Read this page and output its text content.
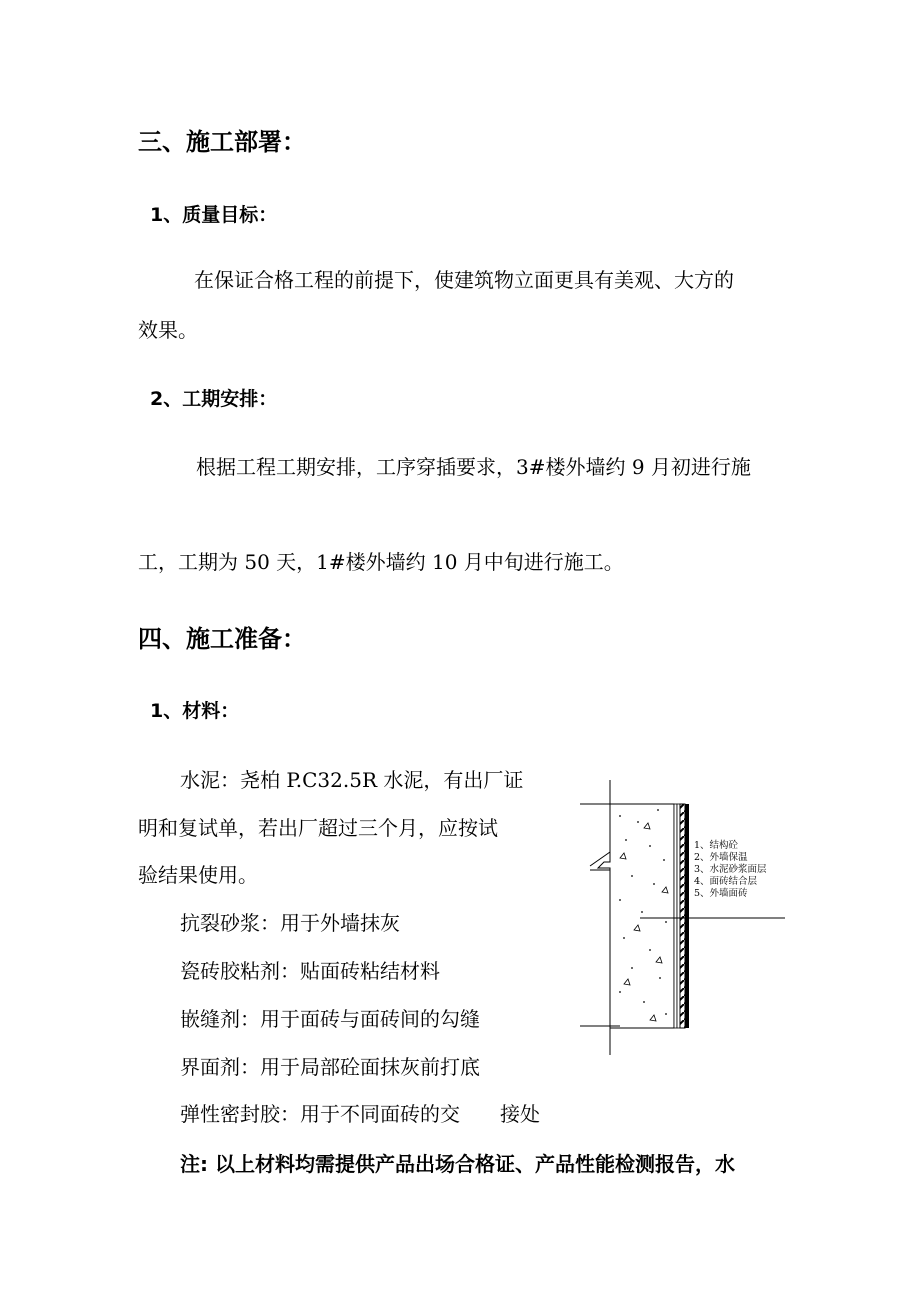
三、施工部署：
1、质量目标：
在保证合格工程的前提下，使建筑物立面更具有美观、大方的
效果。
2、工期安排：
根据工程工期安排，工序穿插要求，3#楼外墙约 9 月初进行施
工，工期为 50 天，1#楼外墙约 10 月中旬进行施工。
四、施工准备：
1、材料：
水泥：尧柏 P.C32.5R 水泥，有出厂证
明和复试单，若出厂超过三个月，应按试
验结果使用。
抗裂砂浆：用于外墙抹灰
瓷砖胶粘剂：贴面砖粘结材料
嵌缝剂：用于面砖与面砖间的勾缝
界面剂：用于局部砼面抹灰前打底
弹性密封胶：用于不同面砖的交　　接处
注: 以上材料均需提供产品出场合格证、产品性能检测报告，水
1、结构砼
2、外墙保温
3、水泥砂浆面层
4、面砖结合层
5、外墙面砖
